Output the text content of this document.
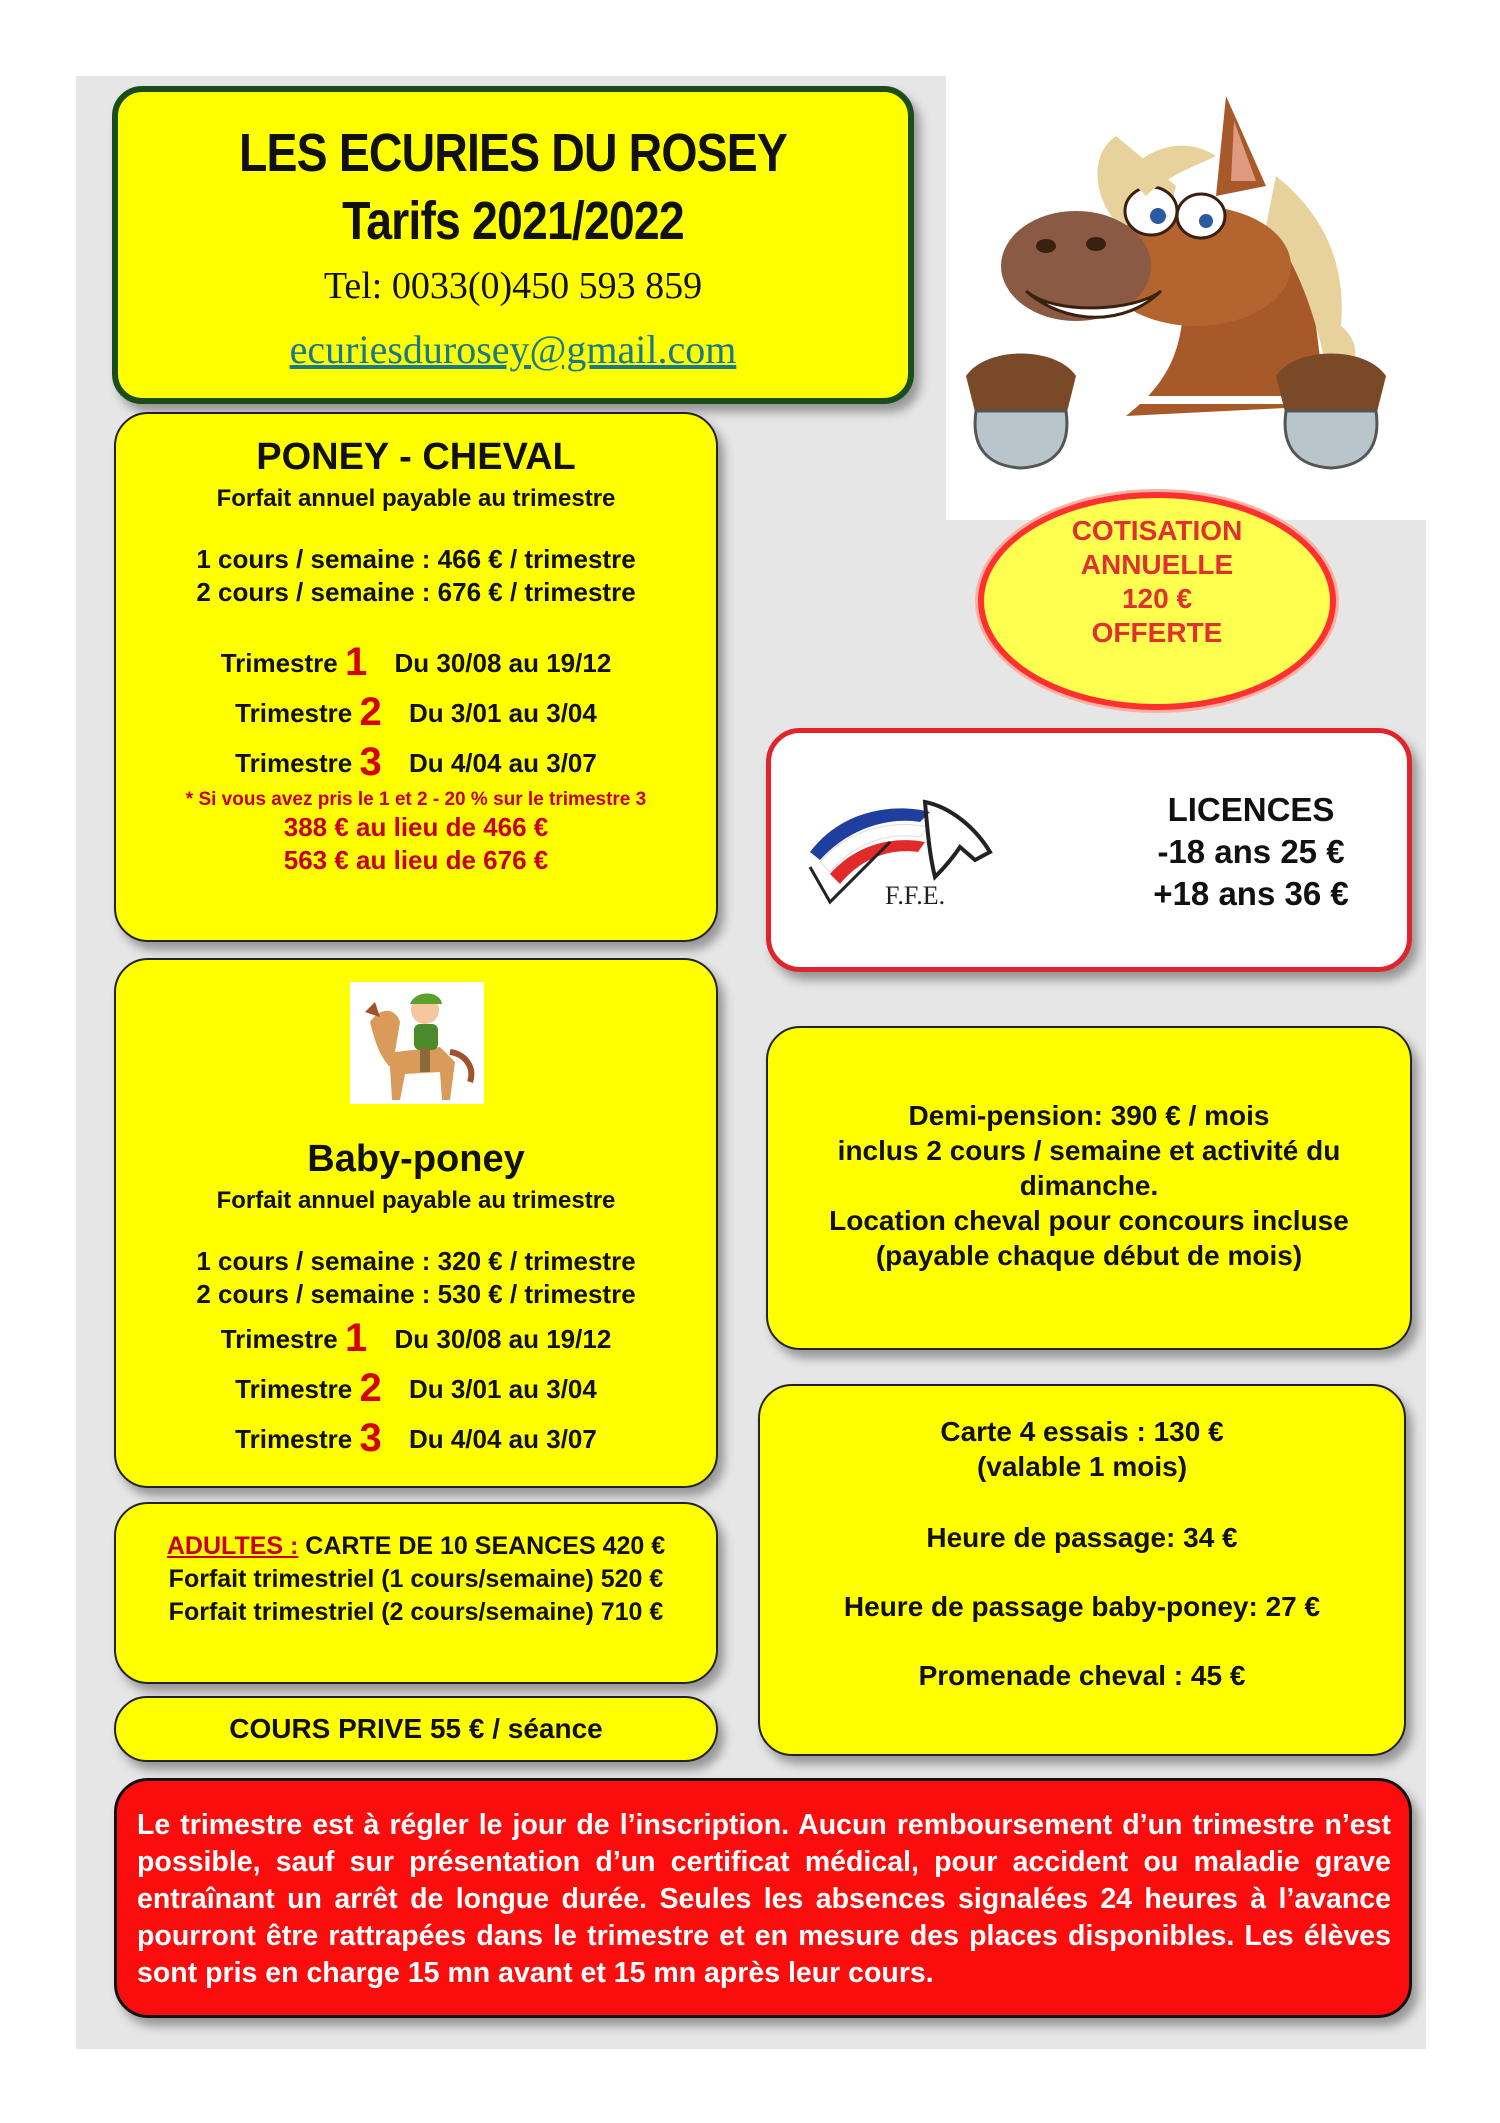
LES ECURIES DU ROSEY
Tarifs 2021/2022
Tel: 0033(0)450 593 859
ecuriesdurosey@gmail.com
COTISATION
ANNUELLE
120 €
OFFERTE
PONEY - CHEVAL
Forfait annuel payable au trimestre
1 cours / semaine : 466 € / trimestre
2 cours / semaine : 676 € / trimestre
Trimestre 1 Du 30/08 au 19/12
Trimestre 2 Du 3/01 au 3/04
Trimestre 3 Du 4/04 au 3/07
* Si vous avez pris le 1 et 2 - 20 % sur le trimestre 3
388 € au lieu de 466 €
563 € au lieu de 676 €
LICENCES
-18 ans 25 €
+18 ans 36 €
F.F.E.
Baby-poney
Forfait annuel payable au trimestre
1 cours / semaine : 320 € / trimestre
2 cours / semaine : 530 € / trimestre
Trimestre 1 Du 30/08 au 19/12
Trimestre 2 Du 3/01 au 3/04
Trimestre 3 Du 4/04 au 3/07
Demi-pension: 390 € / mois
inclus 2 cours / semaine et activité du
dimanche.
Location cheval pour concours incluse
(payable chaque début de mois)
ADULTES : CARTE DE 10 SEANCES 420 €
Forfait trimestriel (1 cours/semaine) 520 €
Forfait trimestriel (2 cours/semaine) 710 €
COURS PRIVE 55 € / séance
Carte 4 essais : 130 €
(valable 1 mois)
Heure de passage: 34 €
Heure de passage baby-poney: 27 €
Promenade cheval : 45 €
Le trimestre est à régler le jour de l’inscription. Aucun remboursement d’un trimestre n’est possible, sauf sur présentation d’un certificat médical, pour accident ou maladie grave entraînant un arrêt de longue durée. Seules les absences signalées 24 heures à l’avance pourront être rattrapées dans le trimestre et en mesure des places disponibles. Les élèves sont pris en charge 15 mn avant et 15 mn après leur cours.
